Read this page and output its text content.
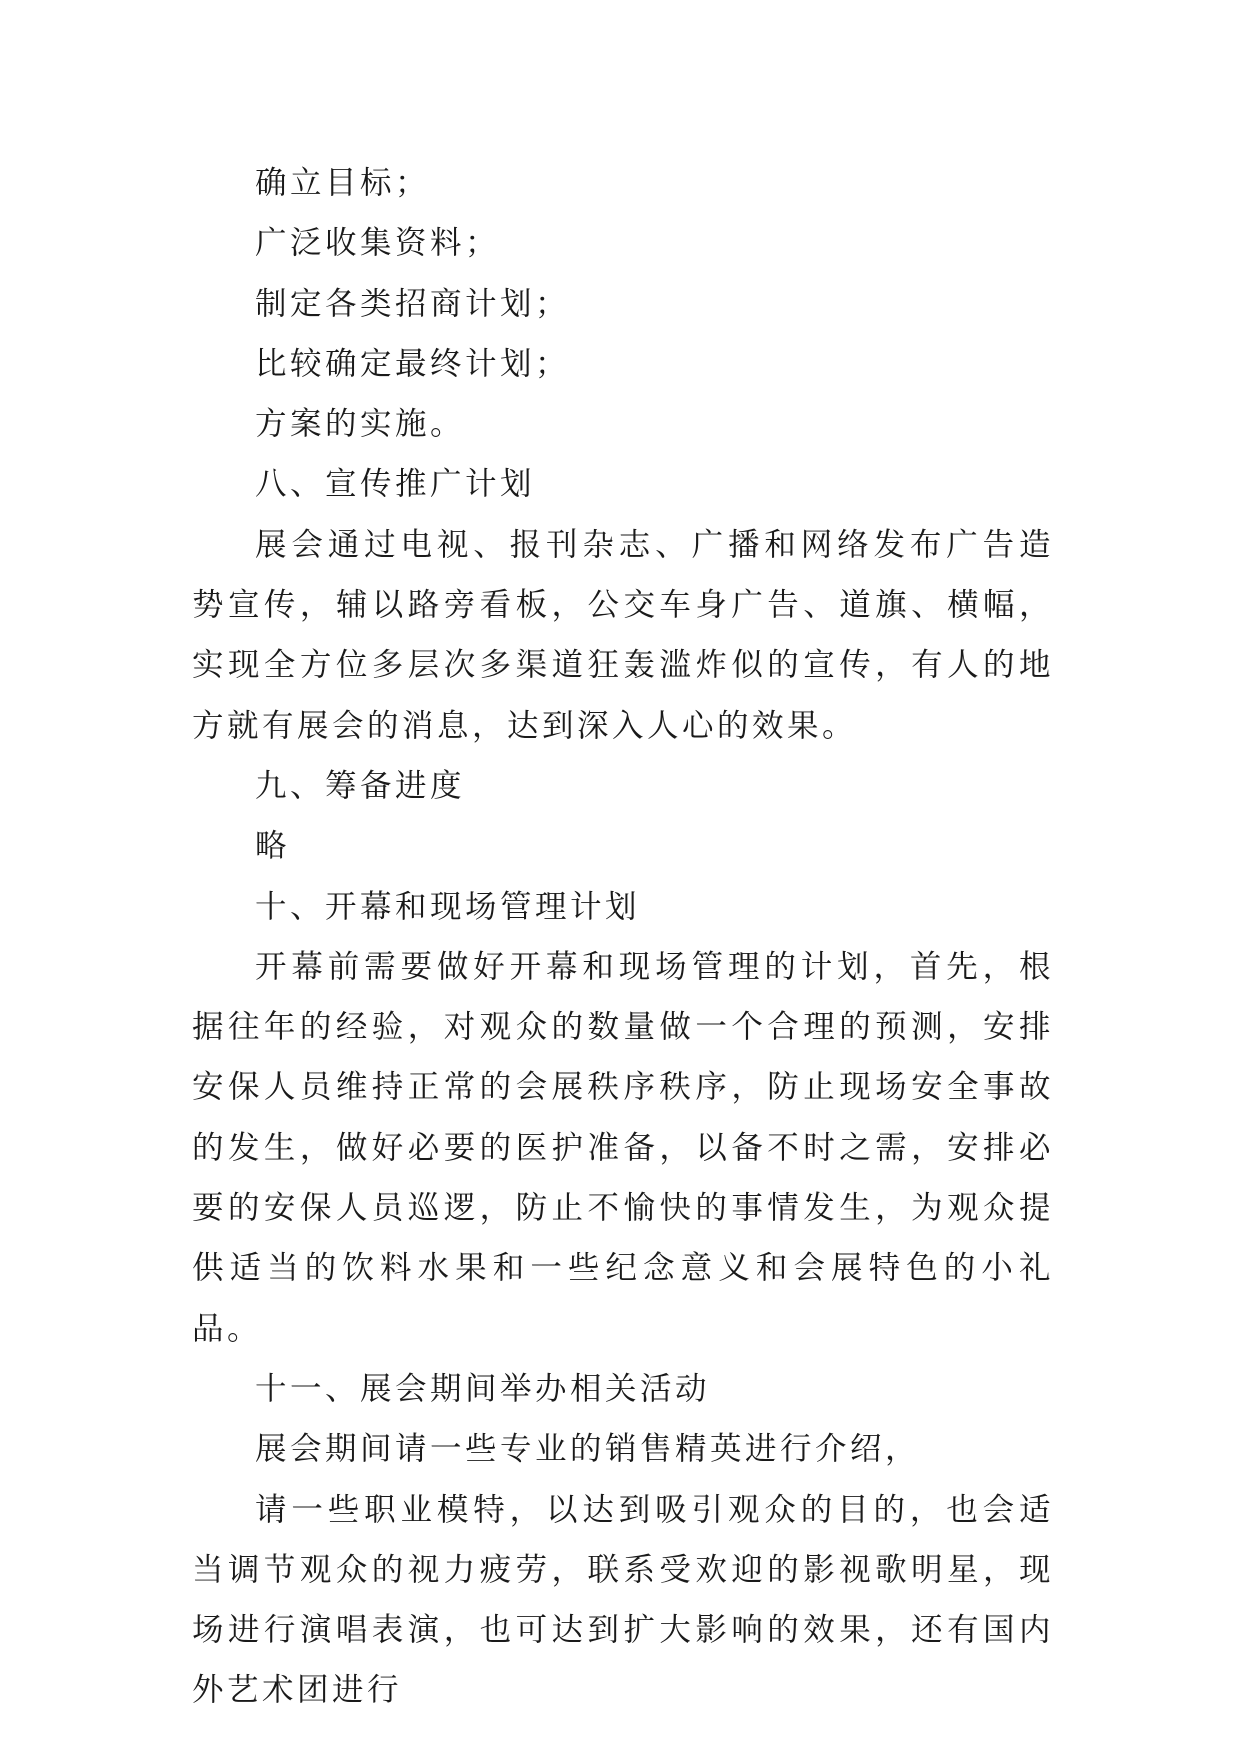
确立目标；

广泛收集资料；

制定各类招商计划；

比较确定最终计划；

方案的实施。

八、宣传推广计划

展会通过电视、报刊杂志、广播和网络发布广告造势宣传，辅以路旁看板，公交车身广告、道旗、横幅，实现全方位多层次多渠道狂轰滥炸似的宣传，有人的地方就有展会的消息，达到深入人心的效果。

九、筹备进度

略

十、开幕和现场管理计划

开幕前需要做好开幕和现场管理的计划，首先，根据往年的经验，对观众的数量做一个合理的预测，安排安保人员维持正常的会展秩序秩序，防止现场安全事故的发生，做好必要的医护准备，以备不时之需，安排必要的安保人员巡逻，防止不愉快的事情发生，为观众提供适当的饮料水果和一些纪念意义和会展特色的小礼品。

十一、展会期间举办相关活动

展会期间请一些专业的销售精英进行介绍，

请一些职业模特，以达到吸引观众的目的，也会适当调节观众的视力疲劳，联系受欢迎的影视歌明星，现场进行演唱表演，也可达到扩大影响的效果，还有国内外艺术团进行
